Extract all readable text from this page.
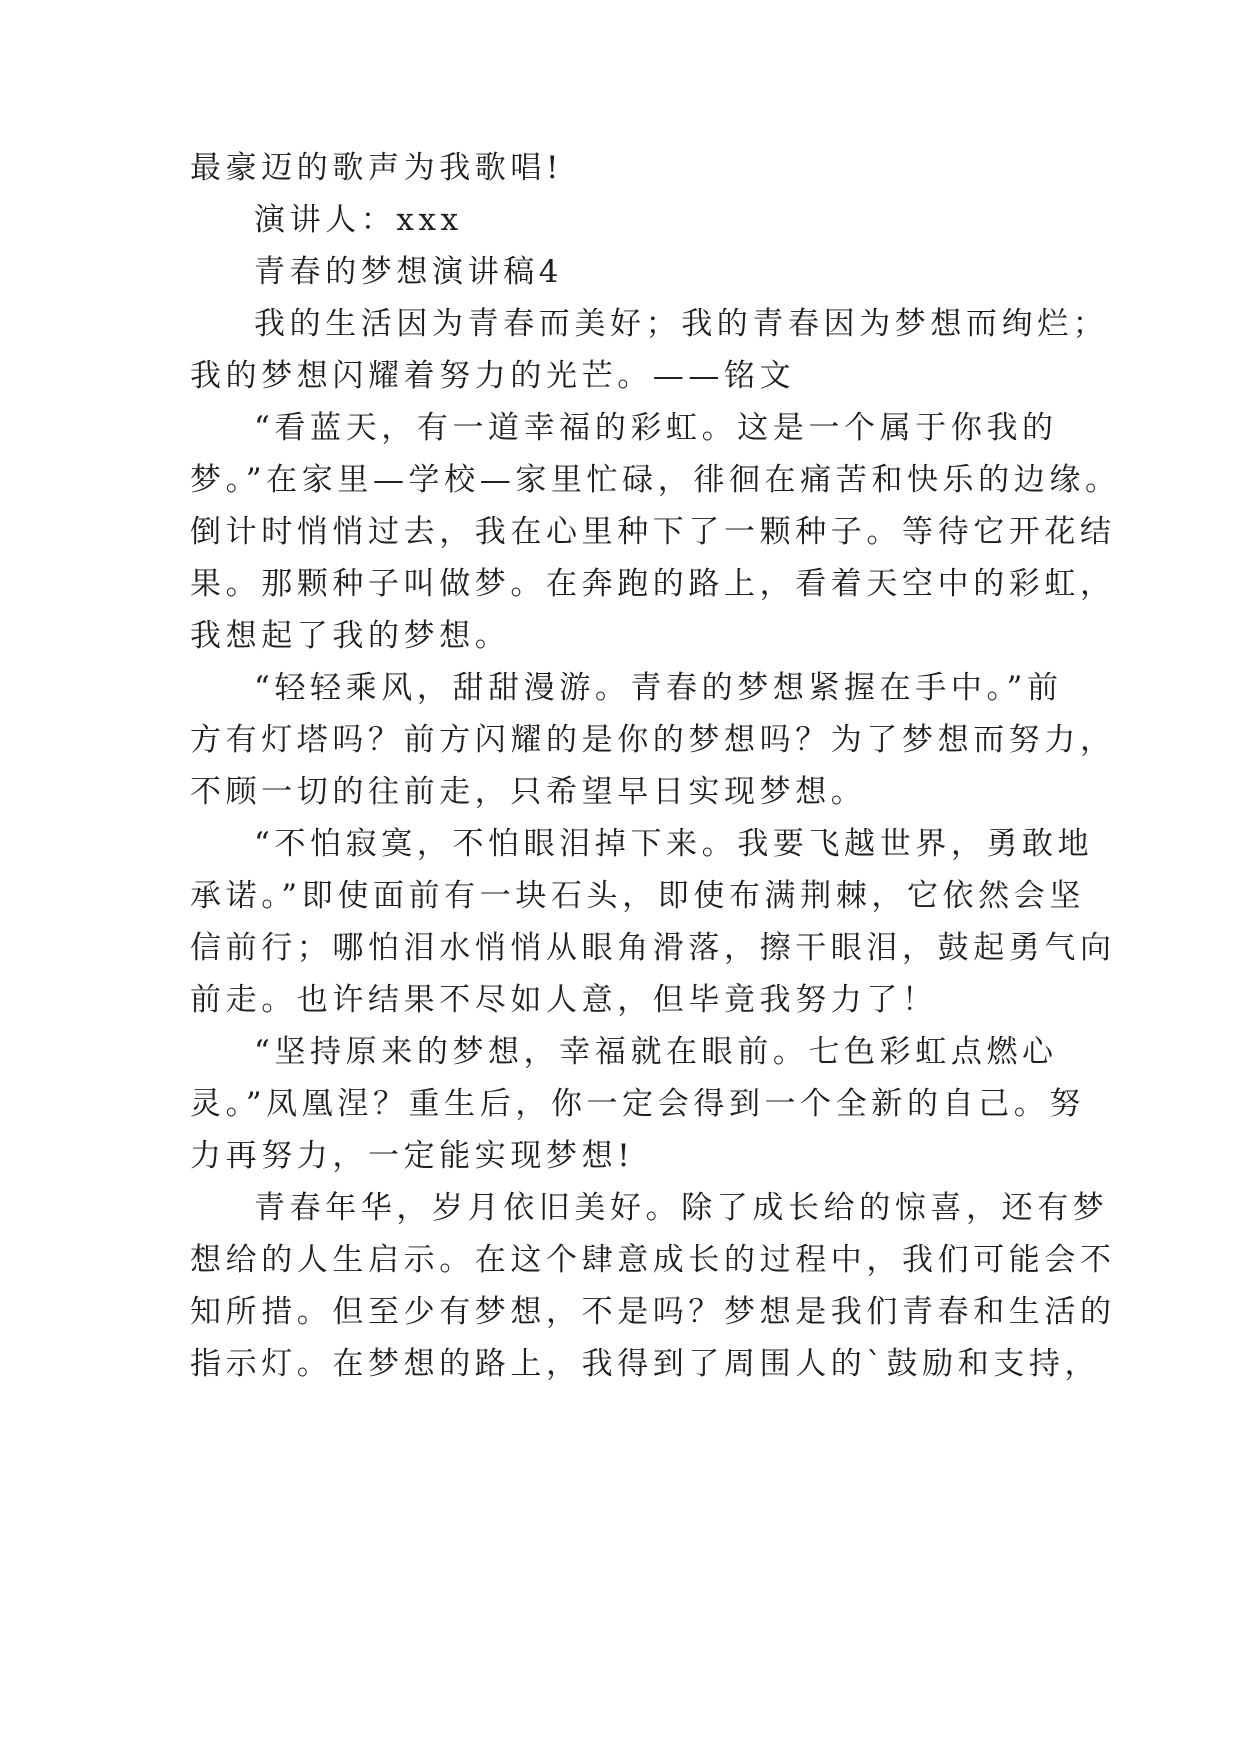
最豪迈的歌声为我歌唱!

演讲人：xxx

青春的梦想演讲稿4

我的生活因为青春而美好；我的青春因为梦想而绚烂；

我的梦想闪耀着努力的光芒。——铭文

“看蓝天，有一道幸福的彩虹。这是一个属于你我的

梦。”在家里—学校—家里忙碌，徘徊在痛苦和快乐的边缘。

倒计时悄悄过去，我在心里种下了一颗种子。等待它开花结

果。那颗种子叫做梦。在奔跑的路上，看着天空中的彩虹，

我想起了我的梦想。

“轻轻乘风，甜甜漫游。青春的梦想紧握在手中。”前

方有灯塔吗？前方闪耀的是你的梦想吗？为了梦想而努力，

不顾一切的往前走，只希望早日实现梦想。

“不怕寂寞，不怕眼泪掉下来。我要飞越世界，勇敢地

承诺。”即使面前有一块石头，即使布满荆棘，它依然会坚

信前行；哪怕泪水悄悄从眼角滑落，擦干眼泪，鼓起勇气向

前走。也许结果不尽如人意，但毕竟我努力了！

“坚持原来的梦想，幸福就在眼前。七色彩虹点燃心

灵。”凤凰涅？重生后，你一定会得到一个全新的自己。努

力再努力，一定能实现梦想!

青春年华，岁月依旧美好。除了成长给的惊喜，还有梦

想给的人生启示。在这个肆意成长的过程中，我们可能会不

知所措。但至少有梦想，不是吗？梦想是我们青春和生活的

指示灯。在梦想的路上，我得到了周围人的`鼓励和支持，
